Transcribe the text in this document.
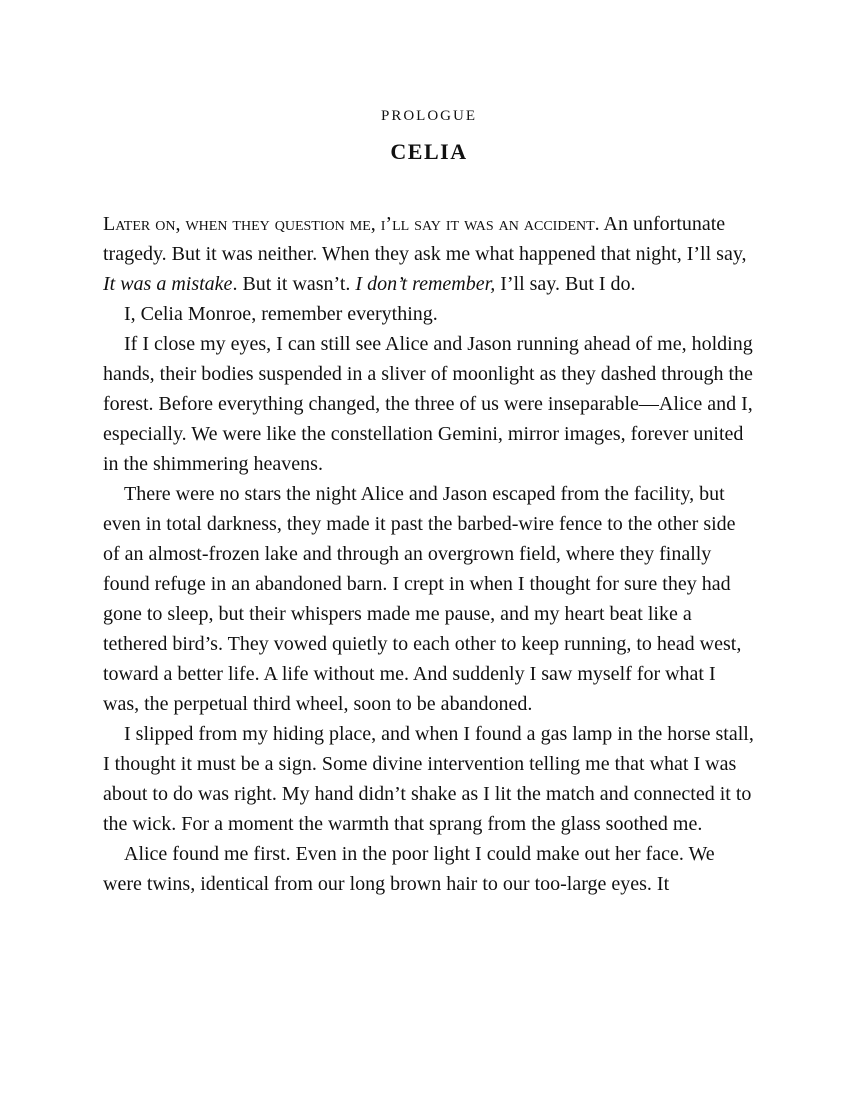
PROLOGUE
CELIA

Later on, when they question me, i’ll say it was an accident. An unfortunate tragedy. But it was neither. When they ask me what happened that night, I’ll say, It was a mistake. But it wasn’t. I don’t remember, I’ll say. But I do.

I, Celia Monroe, remember everything.

If I close my eyes, I can still see Alice and Jason running ahead of me, holding hands, their bodies suspended in a sliver of moonlight as they dashed through the forest. Before everything changed, the three of us were inseparable—Alice and I, especially. We were like the constellation Gemini, mirror images, forever united in the shimmering heavens.

There were no stars the night Alice and Jason escaped from the facility, but even in total darkness, they made it past the barbed-wire fence to the other side of an almost-frozen lake and through an overgrown field, where they finally found refuge in an abandoned barn. I crept in when I thought for sure they had gone to sleep, but their whispers made me pause, and my heart beat like a tethered bird’s. They vowed quietly to each other to keep running, to head west, toward a better life. A life without me. And suddenly I saw myself for what I was, the perpetual third wheel, soon to be abandoned.

I slipped from my hiding place, and when I found a gas lamp in the horse stall, I thought it must be a sign. Some divine intervention telling me that what I was about to do was right. My hand didn’t shake as I lit the match and connected it to the wick. For a moment the warmth that sprang from the glass soothed me.

Alice found me first. Even in the poor light I could make out her face. We were twins, identical from our long brown hair to our too-large eyes. It
